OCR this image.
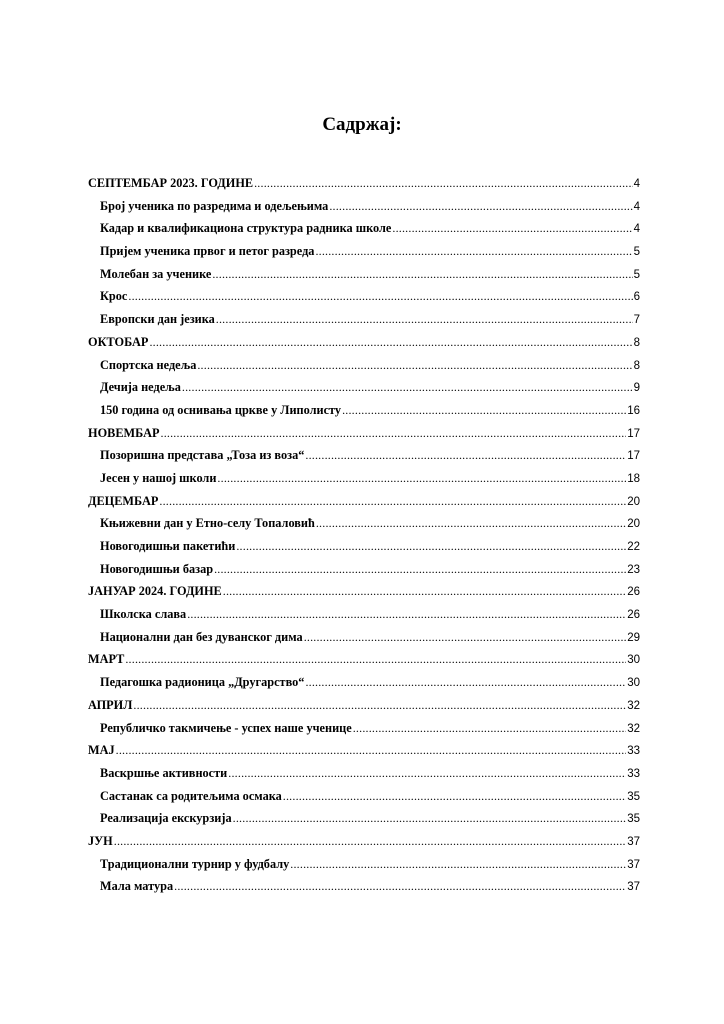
Садржај:
СЕПТЕМБАР 2023. ГОДИНЕ .....	4
Број ученика по разредима и одељењима .....	4
Кадар и квалификациона структура радника школе .....	4
Пријем ученика првог и петог разреда .....	5
Молебан за ученике .....	5
Крос .....	6
Европски дан језика .....	7
ОКТОБАР .....	8
Спортска недеља .....	8
Дечија недеља .....	9
150 година од оснивања цркве у Липолисту .....	16
НОВЕМБАР .....	17
Позоришна представа „Тоза из воза“ .....	17
Јесен у нашој школи .....	18
ДЕЦЕМБАР .....	20
Књижевни дан у Етно-селу Топаловић .....	20
Новогодишњи пакетићи .....	22
Новогодишњи базар .....	23
ЈАНУАР 2024. ГОДИНЕ .....	26
Школска слава .....	26
Национални дан без дуванског дима .....	29
МАРТ .....	30
Педагошка радионица „Другарство“ .....	30
АПРИЛ .....	32
Републичко такмичење - успех наше ученице .....	32
МАЈ .....	33
Васкршње активности .....	33
Састанак са родитељима осмака .....	35
Реализација екскурзија .....	35
ЈУН .....	37
Традиционални турнир у фудбалу .....	37
Мала матура .....	37
